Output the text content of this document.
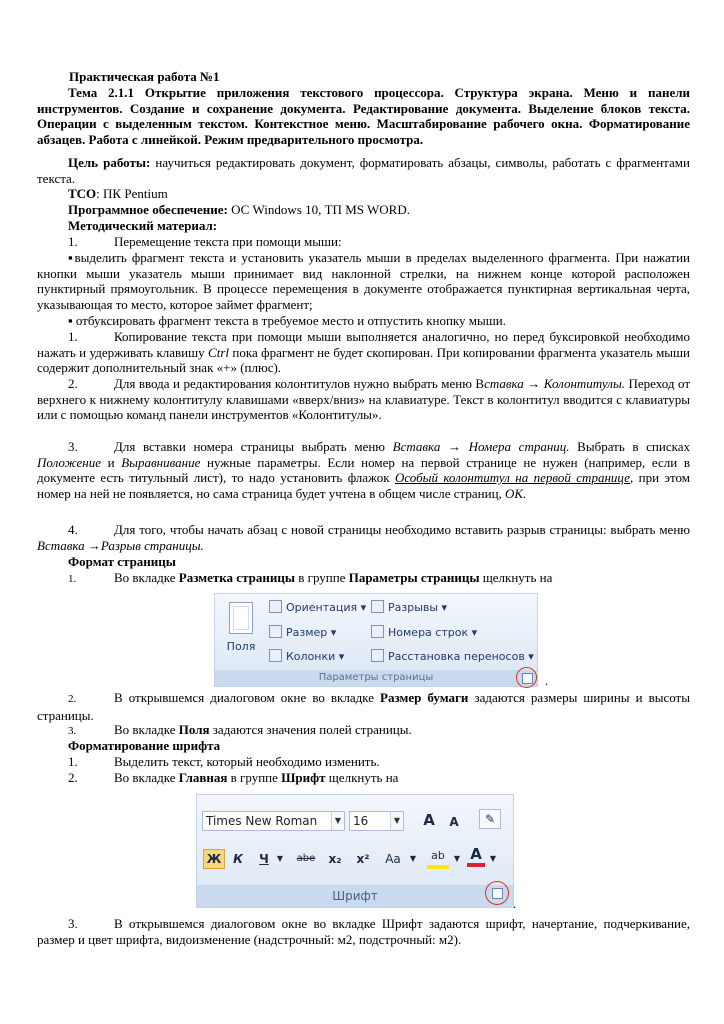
Практическая работа №1
Тема 2.1.1 Открытие приложения текстового процессора. Структура экрана. Меню и панели инструментов. Создание и сохранение документа. Редактирование документа. Выделение блоков текста. Операции с выделенным текстом. Контекстное меню. Масштабирование рабочего окна. Форматирование абзацев. Работа с линейкой. Режим предварительного просмотра.
Цель работы: научиться редактировать документ, форматировать абзацы, символы, работать с фрагментами текста.
ТСО: ПК Pentium
Программное обеспечение: ОС Windows 10, ТП MS WORD.
Методический материал:
1.	Перемещение текста при помощи мыши:
▪выделить фрагмент текста и установить указатель мыши в пределах выделенного фрагмента. При нажатии кнопки мыши указатель мыши принимает вид наклонной стрелки, на нижнем конце которой расположен пунктирный прямоугольник. В процессе перемещения в документе отображается пунктирная вертикальная черта, указывающая то место, которое займет фрагмент;
▪ отбуксировать фрагмент текста в требуемое место и отпустить кнопку мыши.
1.	Копирование текста при помощи мыши выполняется аналогично, но перед буксировкой необходимо нажать и удерживать клавишу Ctrl пока фрагмент не будет скопирован. При копировании фрагмента указатель мыши содержит дополнительный знак «+» (плюс).
2.	Для ввода и редактирования колонтитулов нужно выбрать меню Вставка → Колонтитулы. Переход от верхнего к нижнему колонтитулу клавишами «вверх/вниз» на клавиатуре. Текст в колонтитул вводится с клавиатуры или с помощью команд панели инструментов «Колонтитулы».
3.	Для вставки номера страницы выбрать меню Вставка → Номера страниц. Выбрать в списках Положение и Выравнивание нужные параметры. Если номер на первой странице не нужен (например, если в документе есть титульный лист), то надо установить флажок Особый колонтитул на первой странице, при этом номер на ней не появляется, но сама страница будет учтена в общем числе страниц, ОК.
4.	Для того, чтобы начать абзац с новой страницы необходимо вставить разрыв страницы: выбрать меню Вставка →Разрыв страницы.
Формат страницы
1.	Во вкладке Разметка страницы в группе Параметры страницы щелкнуть на
Поля
Ориентация ▾
Размер ▾
Колонки ▾
Разрывы ▾
Номера строк ▾
Расстановка переносов ▾
Параметры страницы	.
2.	В открывшемся диалоговом окне во вкладке Размер бумаги задаются размеры ширины и высоты страницы.
3.	Во вкладке Поля задаются значения полей страницы.
Форматирование шрифта
1.	Выделить текст, который необходимо изменить.
2.	Во вкладке Главная в группе Шрифт щелкнуть на
Times New Roman	▼ 16	▼ A	A	✎
Ж К	Ч	▼	abe	x₂ x²	Aa	▼	ab	▼ A	▼
Шрифт	.
3.	В открывшемся диалоговом окне во вкладке Шрифт задаются шрифт, начертание, подчеркивание, размер и цвет шрифта, видоизменение (надстрочный: м2, подстрочный: м2).
